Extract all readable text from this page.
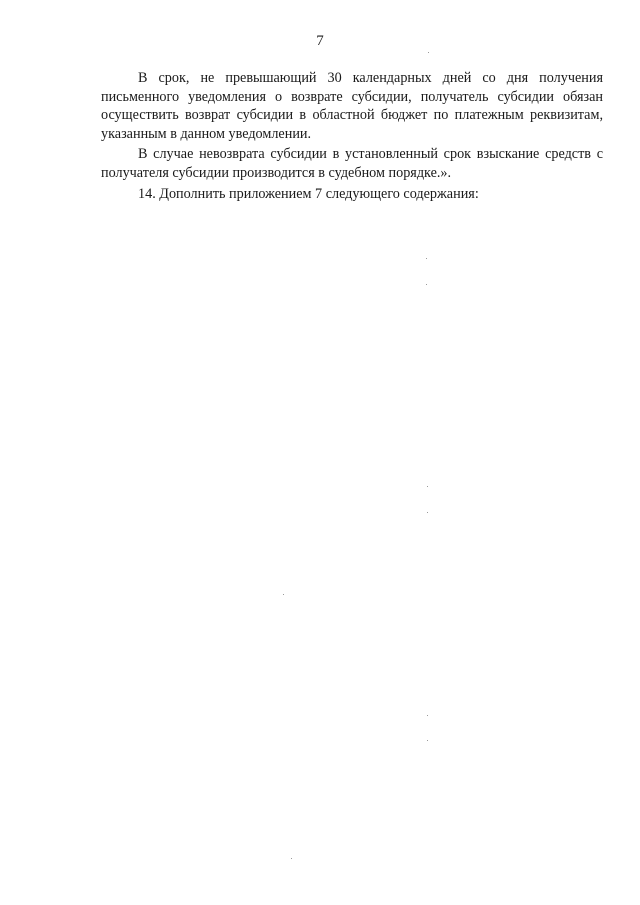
7

В срок, не превышающий 30 календарных дней со дня получения письменного уведомления о возврате субсидии, получатель субсидии обязан осуществить возврат субсидии в областной бюджет по платежным реквизитам, указанным в данном уведомлении.

В случае невозврата субсидии в установленный срок взыскание средств с получателя субсидии производится в судебном порядке.».

14. Дополнить приложением 7 следующего содержания:
